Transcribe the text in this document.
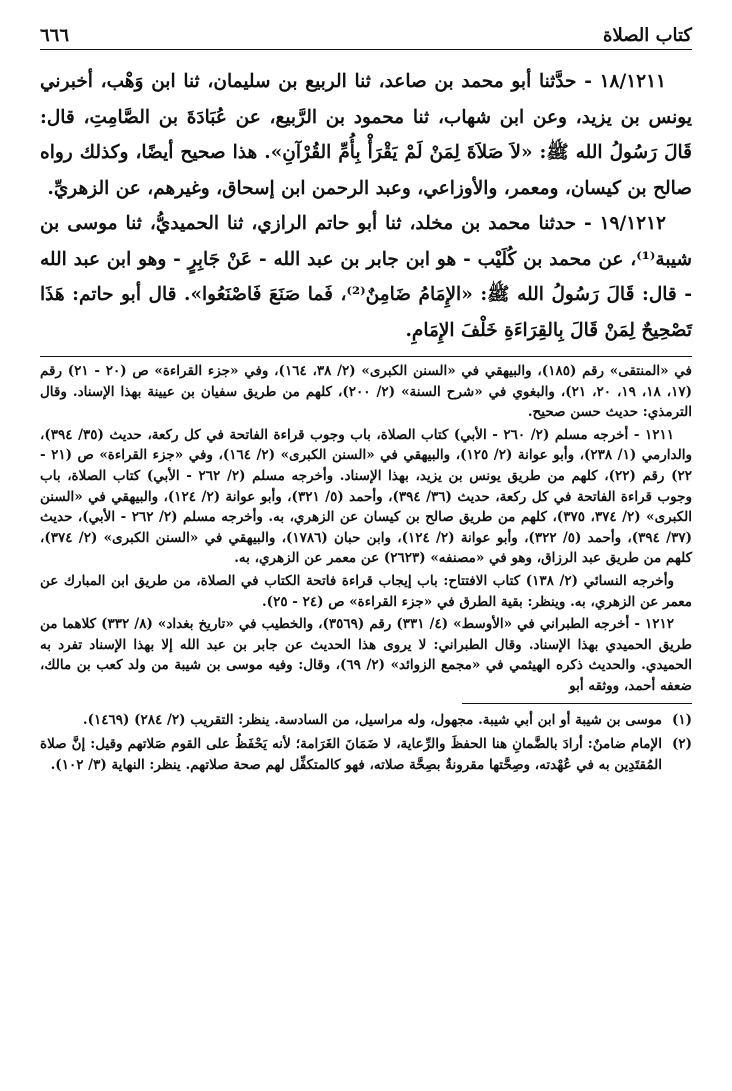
كتاب الصلاة
٦٦٦

١٨/١٢١١ - حدَّثنا أبو محمد بن صاعد، ثنا الربيع بن سليمان، ثنا ابن وَهْب، أخبرني يونس بن يزيد، وعن ابن شهاب، ثنا محمود بن الرَّبيع، عن عُبَادَةَ بن الصَّامِتِ، قال: قَالَ رَسُولُ الله ﷺ: «لاَ صَلاَةَ لِمَنْ لَمْ يَقْرَأْ بِأُمِّ القُرْآنِ». هذا صحيح أيضًا، وكذلك رواه صالح بن كيسان، ومعمر، والأوزاعي، وعبد الرحمن ابن إسحاق، وغيرهم، عن الزهريِّ.

١٩/١٢١٢ - حدثنا محمد بن مخلد، ثنا أبو حاتم الرازي، ثنا الحميديُّ، ثنا موسى بن شيبة⁽¹⁾، عن محمد بن كُلَيْب - هو ابن جابر بن عبد الله - عَنْ جَابِرٍ - وهو ابن عبد الله - قال: قَالَ رَسُولُ الله ﷺ: «الإِمَامُ ضَامِنٌ⁽²⁾، فَما صَنَعَ فَاصْنَعُوا». قال أبو حاتم: هَذَا تَصْحِيحٌ لِمَنْ قَالَ بِالقِرَاءَةِ خَلْفَ الإِمَامِ.

في «المنتقى» رقم (١٨٥)، والبيهقي في «السنن الكبرى» (٢/ ٣٨، ١٦٤)، وفي «جزء القراءة» ص (٢٠ - ٢١) رقم (١٧، ١٨، ١٩، ٢٠، ٢١)، والبغوي في «شرح السنة» (٢/ ٢٠٠)، كلهم من طريق سفيان بن عيينة بهذا الإسناد. وقال الترمذي: حديث حسن صحيح.

١٢١١ - أخرجه مسلم (٢/ ٢٦٠ - الأبي) كتاب الصلاة، باب وجوب قراءة الفاتحة في كل ركعة، حديث (٣٥/ ٣٩٤)، والدارمي (١/ ٢٣٨)، وأبو عوانة (٢/ ١٢٥)، والبيهقي في «السنن الكبرى» (٢/ ١٦٤)، وفي «جزء القراءة» ص (٢١ - ٢٢) رقم (٢٢)، كلهم من طريق يونس بن يزيد، بهذا الإسناد. وأخرجه مسلم (٢/ ٢٦٢ - الأبي) كتاب الصلاة، باب وجوب قراءة الفاتحة في كل ركعة، حديث (٣٦/ ٣٩٤)، وأحمد (٥/ ٣٢١)، وأبو عوانة (٢/ ١٢٤)، والبيهقي في «السنن الكبرى» (٢/ ٣٧٤، ٣٧٥)، كلهم من طريق صالح بن كيسان عن الزهري، به. وأخرجه مسلم (٢/ ٢٦٢ - الأبي)، حديث (٣٧/ ٣٩٤)، وأحمد (٥/ ٣٢٢)، وأبو عوانة (٢/ ١٢٤)، وابن حبان (١٧٨٦)، والبيهقي في «السنن الكبرى» (٢/ ٣٧٤)، كلهم من طريق عبد الرزاق، وهو في «مصنفه» (٢٦٢٣) عن معمر عن الزهري، به.

وأخرجه النسائي (٢/ ١٣٨) كتاب الافتتاح: باب إيجاب قراءة فاتحة الكتاب في الصلاة، من طريق ابن المبارك عن معمر عن الزهري، به. وينظر: بقية الطرق في «جزء القراءة» ص (٢٤ - ٢٥).

١٢١٢ - أخرجه الطبراني في «الأوسط» (٤/ ٣٣١) رقم (٣٥٦٩)، والخطيب في «تاريخ بغداد» (٨/ ٣٣٢) كلاهما من طريق الحميدي بهذا الإسناد. وقال الطبراني: لا يروى هذا الحديث عن جابر بن عبد الله إلا بهذا الإسناد تفرد به الحميدي. والحديث ذكره الهيثمي في «مجمع الزوائد» (٢/ ٦٩)، وقال: وفيه موسى بن شيبة من ولد كعب بن مالك، ضعفه أحمد، ووثقه أبو

(١)موسى بن شيبة أو ابن أبي شيبة. مجهول، وله مراسيل، من السادسة. ينظر: التقريب (٢/ ٢٨٤) (١٤٦٩).

(٢)الإمام ضامنٌ: أرادَ بالضَّمانِ هنا الحفظَ والرِّعاية، لا ضَمَانَ الغَرَامة؛ لأنه يَحْفَظُ على القوم صَلاتهم وقيل: إنَّ صلاة المُقتَدِين به في عُهْدته، وصِحَّتها مقرونةٌ بصِحَّة صلاته، فهو كالمتكفِّل لهم صحة صلاتهم. ينظر: النهاية (٣/ ١٠٢).
